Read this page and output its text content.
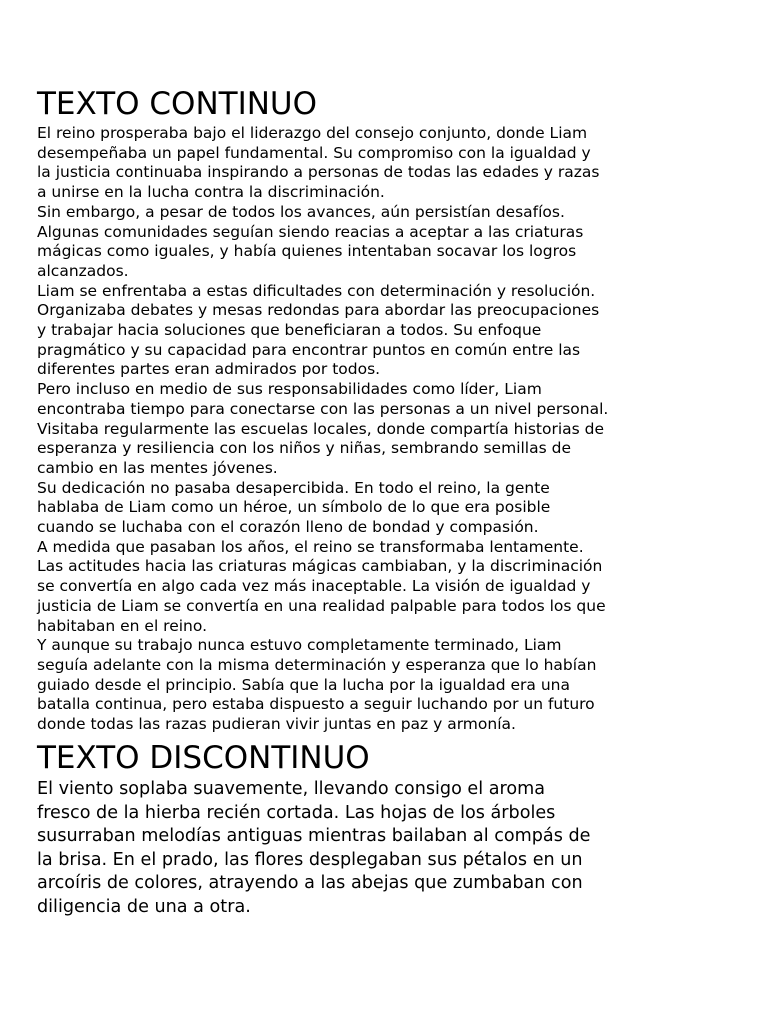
TEXTO CONTINUO

El reino prosperaba bajo el liderazgo del consejo conjunto, donde Liam
desempeñaba un papel fundamental. Su compromiso con la igualdad y
la justicia continuaba inspirando a personas de todas las edades y razas
a unirse en la lucha contra la discriminación.

Sin embargo, a pesar de todos los avances, aún persistían desafíos.
Algunas comunidades seguían siendo reacias a aceptar a las criaturas
mágicas como iguales, y había quienes intentaban socavar los logros
alcanzados.

Liam se enfrentaba a estas dificultades con determinación y resolución.
Organizaba debates y mesas redondas para abordar las preocupaciones
y trabajar hacia soluciones que beneficiaran a todos. Su enfoque
pragmático y su capacidad para encontrar puntos en común entre las
diferentes partes eran admirados por todos.

Pero incluso en medio de sus responsabilidades como líder, Liam
encontraba tiempo para conectarse con las personas a un nivel personal.
Visitaba regularmente las escuelas locales, donde compartía historias de
esperanza y resiliencia con los niños y niñas, sembrando semillas de
cambio en las mentes jóvenes.

Su dedicación no pasaba desapercibida. En todo el reino, la gente
hablaba de Liam como un héroe, un símbolo de lo que era posible
cuando se luchaba con el corazón lleno de bondad y compasión.

A medida que pasaban los años, el reino se transformaba lentamente.
Las actitudes hacia las criaturas mágicas cambiaban, y la discriminación
se convertía en algo cada vez más inaceptable. La visión de igualdad y
justicia de Liam se convertía en una realidad palpable para todos los que
habitaban en el reino.

Y aunque su trabajo nunca estuvo completamente terminado, Liam
seguía adelante con la misma determinación y esperanza que lo habían
guiado desde el principio. Sabía que la lucha por la igualdad era una
batalla continua, pero estaba dispuesto a seguir luchando por un futuro
donde todas las razas pudieran vivir juntas en paz y armonía.

TEXTO DISCONTINUO

El viento soplaba suavemente, llevando consigo el aroma
fresco de la hierba recién cortada. Las hojas de los árboles
susurraban melodías antiguas mientras bailaban al compás de
la brisa. En el prado, las flores desplegaban sus pétalos en un
arcoíris de colores, atrayendo a las abejas que zumbaban con
diligencia de una a otra.
